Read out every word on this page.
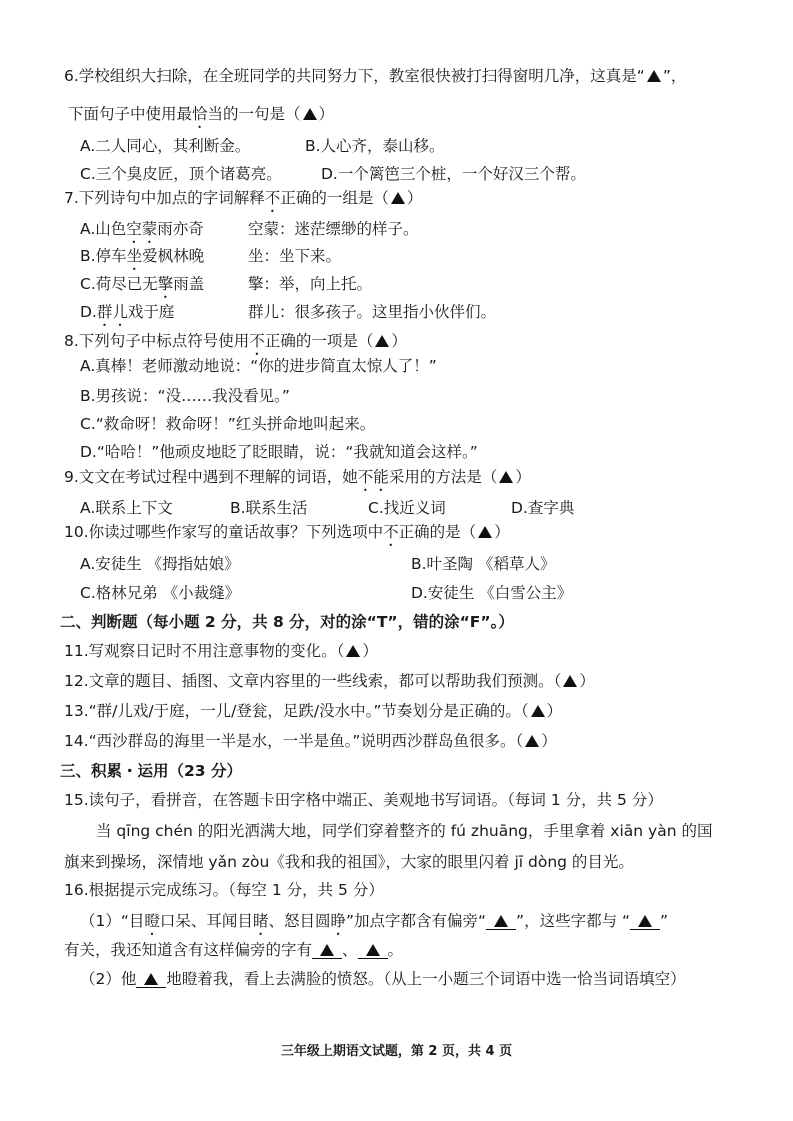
6.学校组织大扫除，在全班同学的共同努力下，教室很快被打扫得窗明几净，这真是“ ”，
下面句子中使用最恰当的一句是（ ）
A.二人同心，其利断金。	B.人心齐，泰山移。
C.三个臭皮匠，顶个诸葛亮。	D.一个篱笆三个桩，一个好汉三个帮。
7.下列诗句中加点的字词解释不正确的一组是（ ）
A.山色空蒙雨亦奇	空蒙：迷茫缥缈的样子。
B.停车坐爱枫林晚	坐：坐下来。
C.荷尽已无擎雨盖	擎：举，向上托。
D.群儿戏于庭	群儿：很多孩子。这里指小伙伴们。
8.下列句子中标点符号使用不正确的一项是（ ）
A.真棒！老师激动地说：“你的进步简直太惊人了！”
B.男孩说：“没……我没看见。”
C.“救命呀！救命呀！”红头拼命地叫起来。
D.“哈哈！”他顽皮地眨了眨眼睛，说：“我就知道会这样。”
9.文文在考试过程中遇到不理解的词语，她不能采用的方法是（ ）
A.联系上下文	B.联系生活	C.找近义词	D.查字典
10.你读过哪些作家写的童话故事？下列选项中不正确的是（ ）
A.安徒生 《拇指姑娘》	B.叶圣陶 《稻草人》
C.格林兄弟 《小裁缝》	D.安徒生 《白雪公主》
二、判断题（每小题 2 分，共 8 分，对的涂“T”，错的涂“F”。）
11.写观察日记时不用注意事物的变化。（ ）
12.文章的题目、插图、文章内容里的一些线索，都可以帮助我们预测。（ ）
13.“群/儿戏/于庭，一儿/登瓮，足跌/没水中。”节奏划分是正确的。（ ）
14.“西沙群岛的海里一半是水，一半是鱼。”说明西沙群岛鱼很多。（ ）
三、积累・运用（23 分）
15.读句子，看拼音，在答题卡田字格中端正、美观地书写词语。（每词 1 分，共 5 分）
当 qīng chén 的阳光洒满大地，同学们穿着整齐的 fú zhuāng，手里拿着 xiān yàn 的国
旗来到操场，深情地 yǎn zòu《我和我的祖国》，大家的眼里闪着 jī dòng 的目光。
16.根据提示完成练习。（每空 1 分，共 5 分）
（1）“目瞪口呆、耳闻目睹、怒目圆睁”加点字都含有偏旁“ ”，这些字都与 “ ”
有关，我还知道含有这样偏旁的字有 、 。
（2）他 地瞪着我，看上去满脸的愤怒。（从上一小题三个词语中选一恰当词语填空）
三年级上期语文试题，第 2 页，共 4 页
